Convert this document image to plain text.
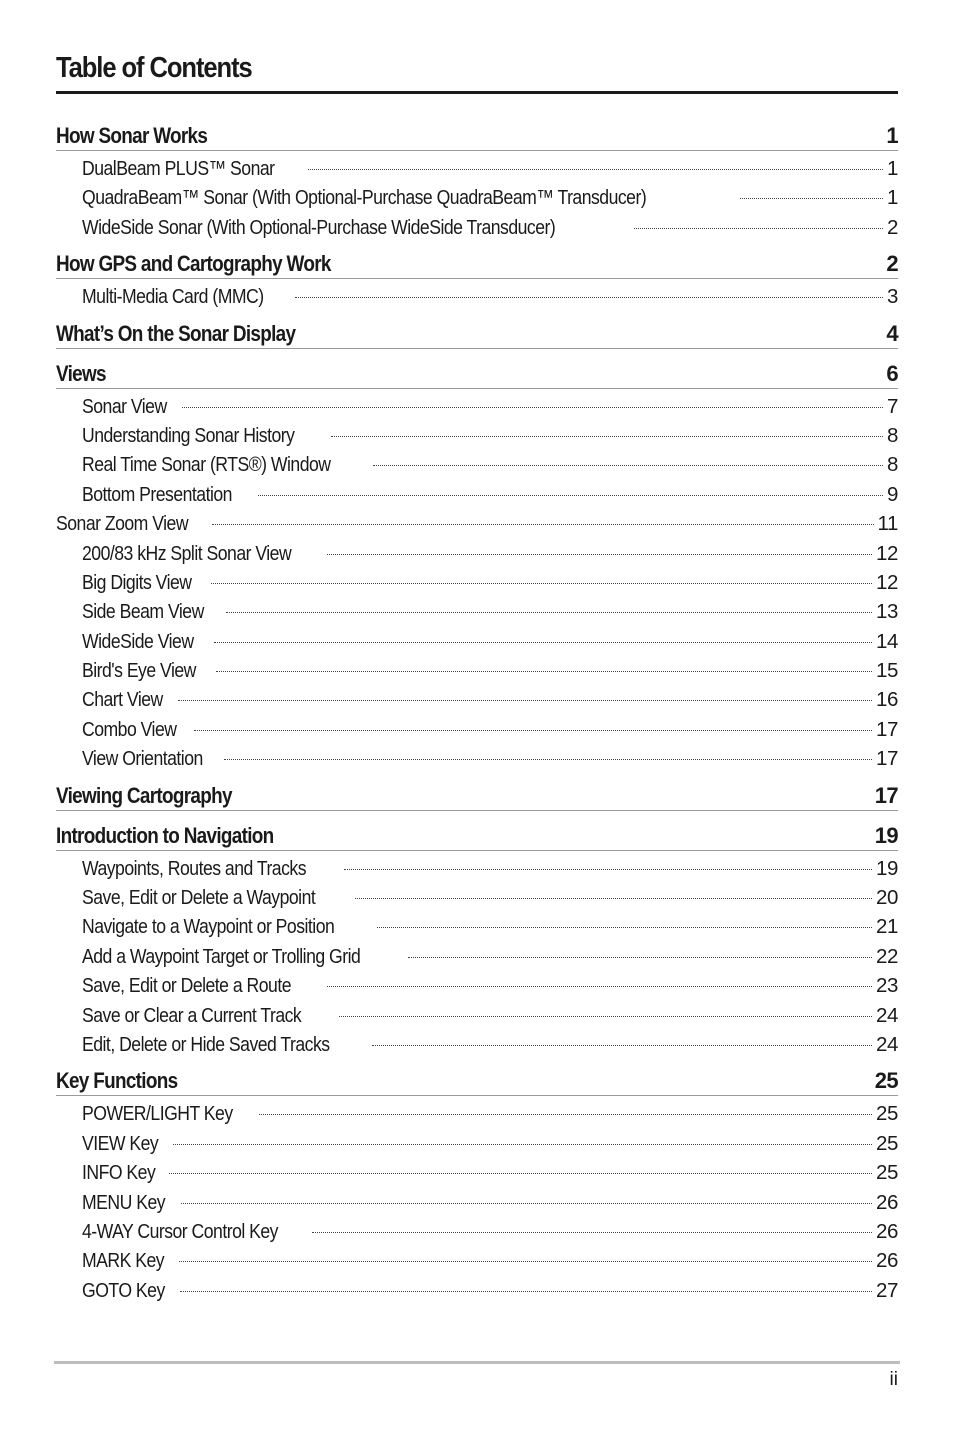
Table of Contents
How Sonar Works	1
DualBeam PLUS™ Sonar	1
QuadraBeam™ Sonar (With Optional-Purchase QuadraBeam™ Transducer)	1
WideSide Sonar (With Optional-Purchase WideSide Transducer)	2
How GPS and Cartography Work	2
Multi-Media Card (MMC)	3
What’s On the Sonar Display	4
Views	6
Sonar View	7
Understanding Sonar History	8
Real Time Sonar (RTS®) Window	8
Bottom Presentation	9
Sonar Zoom View	11
200/83 kHz Split Sonar View	12
Big Digits View	12
Side Beam View	13
WideSide View	14
Bird's Eye View	15
Chart View	16
Combo View	17
View Orientation	17
Viewing Cartography	17
Introduction to Navigation	19
Waypoints, Routes and Tracks	19
Save, Edit or Delete a Waypoint	20
Navigate to a Waypoint or Position	21
Add a Waypoint Target or Trolling Grid	22
Save, Edit or Delete a Route	23
Save or Clear a Current Track	24
Edit, Delete or Hide Saved Tracks	24
Key Functions	25
POWER/LIGHT Key	25
VIEW Key	25
INFO Key	25
MENU Key	26
4-WAY Cursor Control Key	26
MARK Key	26
GOTO Key	27
ii
